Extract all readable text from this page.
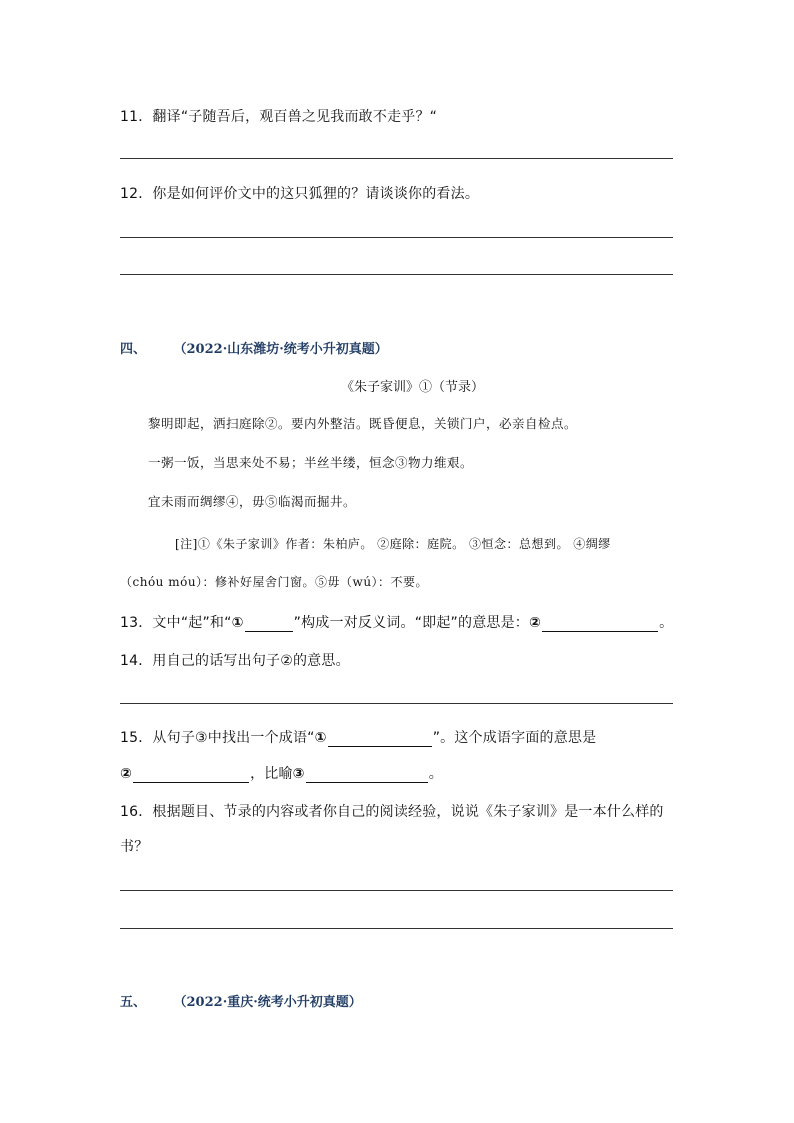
11．翻译“子随吾后，观百兽之见我而敢不走乎？“
12．你是如何评价文中的这只狐狸的？请谈谈你的看法。
四、	（2022·山东潍坊·统考小升初真题）
《朱子家训》①（节录）
黎明即起，洒扫庭除②。要内外整洁。既昏便息，关锁门户，必亲自检点。
一粥一饭，当思来处不易；半丝半缕，恒念③物力维艰。
宜未雨而绸缪④，毋⑤临渴而掘井。
[注]①《朱子家训》作者：朱柏庐。 ②庭除：庭院。 ③恒念：总想到。 ④绸缪
（chóu móu）：修补好屋舍门窗。⑤毋（wú）：不要。
13．文中“起”和“①	”构成一对反义词。“即起”的意思是：②	。
14．用自己的话写出句子②的意思。
15．从句子③中找出一个成语“①	”。这个成语字面的意思是
②	，比喻③	。
16．根据题目、节录的内容或者你自己的阅读经验，说说《朱子家训》是一本什么样的
书？
五、	（2022·重庆·统考小升初真题）
